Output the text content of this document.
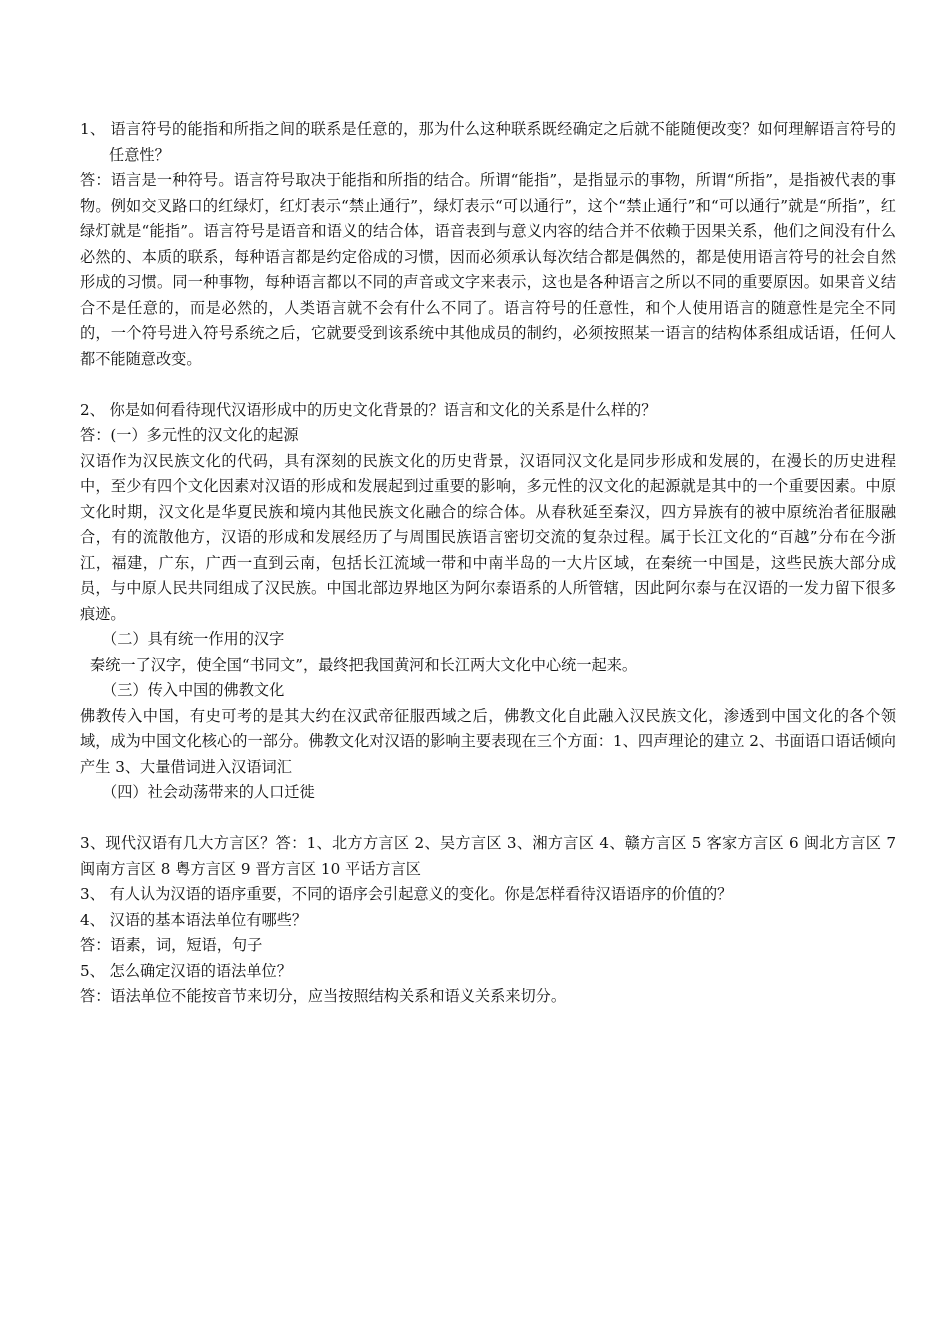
1、 语言符号的能指和所指之间的联系是任意的，那为什么这种联系既经确定之后就不能随便改变？如何理解语言符号的任意性？

答：语言是一种符号。语言符号取决于能指和所指的结合。所谓“能指”，是指显示的事物，所谓“所指”，是指被代表的事物。例如交叉路口的红绿灯，红灯表示“禁止通行”，绿灯表示“可以通行”，这个“禁止通行”和“可以通行”就是“所指”，红绿灯就是“能指”。语言符号是语音和语义的结合体，语音表到与意义内容的结合并不依赖于因果关系，他们之间没有什么必然的、本质的联系，每种语言都是约定俗成的习惯，因而必须承认每次结合都是偶然的，都是使用语言符号的社会自然形成的习惯。同一种事物，每种语言都以不同的声音或文字来表示，这也是各种语言之所以不同的重要原因。如果音义结合不是任意的，而是必然的，人类语言就不会有什么不同了。语言符号的任意性，和个人使用语言的随意性是完全不同的，一个符号进入符号系统之后，它就要受到该系统中其他成员的制约，必须按照某一语言的结构体系组成话语，任何人都不能随意改变。

2、 你是如何看待现代汉语形成中的历史文化背景的？语言和文化的关系是什么样的？

答：(一）多元性的汉文化的起源

汉语作为汉民族文化的代码，具有深刻的民族文化的历史背景，汉语同汉文化是同步形成和发展的，在漫长的历史进程中，至少有四个文化因素对汉语的形成和发展起到过重要的影响，多元性的汉文化的起源就是其中的一个重要因素。中原文化时期，汉文化是华夏民族和境内其他民族文化融合的综合体。从春秋延至秦汉，四方异族有的被中原统治者征服融合，有的流散他方，汉语的形成和发展经历了与周围民族语言密切交流的复杂过程。属于长江文化的“百越”分布在今浙江，福建，广东，广西一直到云南，包括长江流域一带和中南半岛的一大片区域，在秦统一中国是，这些民族大部分成员，与中原人民共同组成了汉民族。中国北部边界地区为阿尔泰语系的人所管辖，因此阿尔泰与在汉语的一发力留下很多痕迹。

（二）具有统一作用的汉字

秦统一了汉字，使全国“书同文”，最终把我国黄河和长江两大文化中心统一起来。

（三）传入中国的佛教文化

佛教传入中国，有史可考的是其大约在汉武帝征服西域之后，佛教文化自此融入汉民族文化，渗透到中国文化的各个领域，成为中国文化核心的一部分。佛教文化对汉语的影响主要表现在三个方面：1、四声理论的建立 2、书面语口语话倾向产生 3、大量借词进入汉语词汇

（四）社会动荡带来的人口迁徙

3、现代汉语有几大方言区？答：1、北方方言区 2、吴方言区 3、湘方言区 4、赣方言区 5 客家方言区 6 闽北方言区 7 闽南方言区 8 粤方言区 9 晋方言区 10 平话方言区

3、 有人认为汉语的语序重要，不同的语序会引起意义的变化。你是怎样看待汉语语序的价值的？

4、 汉语的基本语法单位有哪些？

答：语素，词，短语，句子

5、 怎么确定汉语的语法单位？

答：语法单位不能按音节来切分，应当按照结构关系和语义关系来切分。
